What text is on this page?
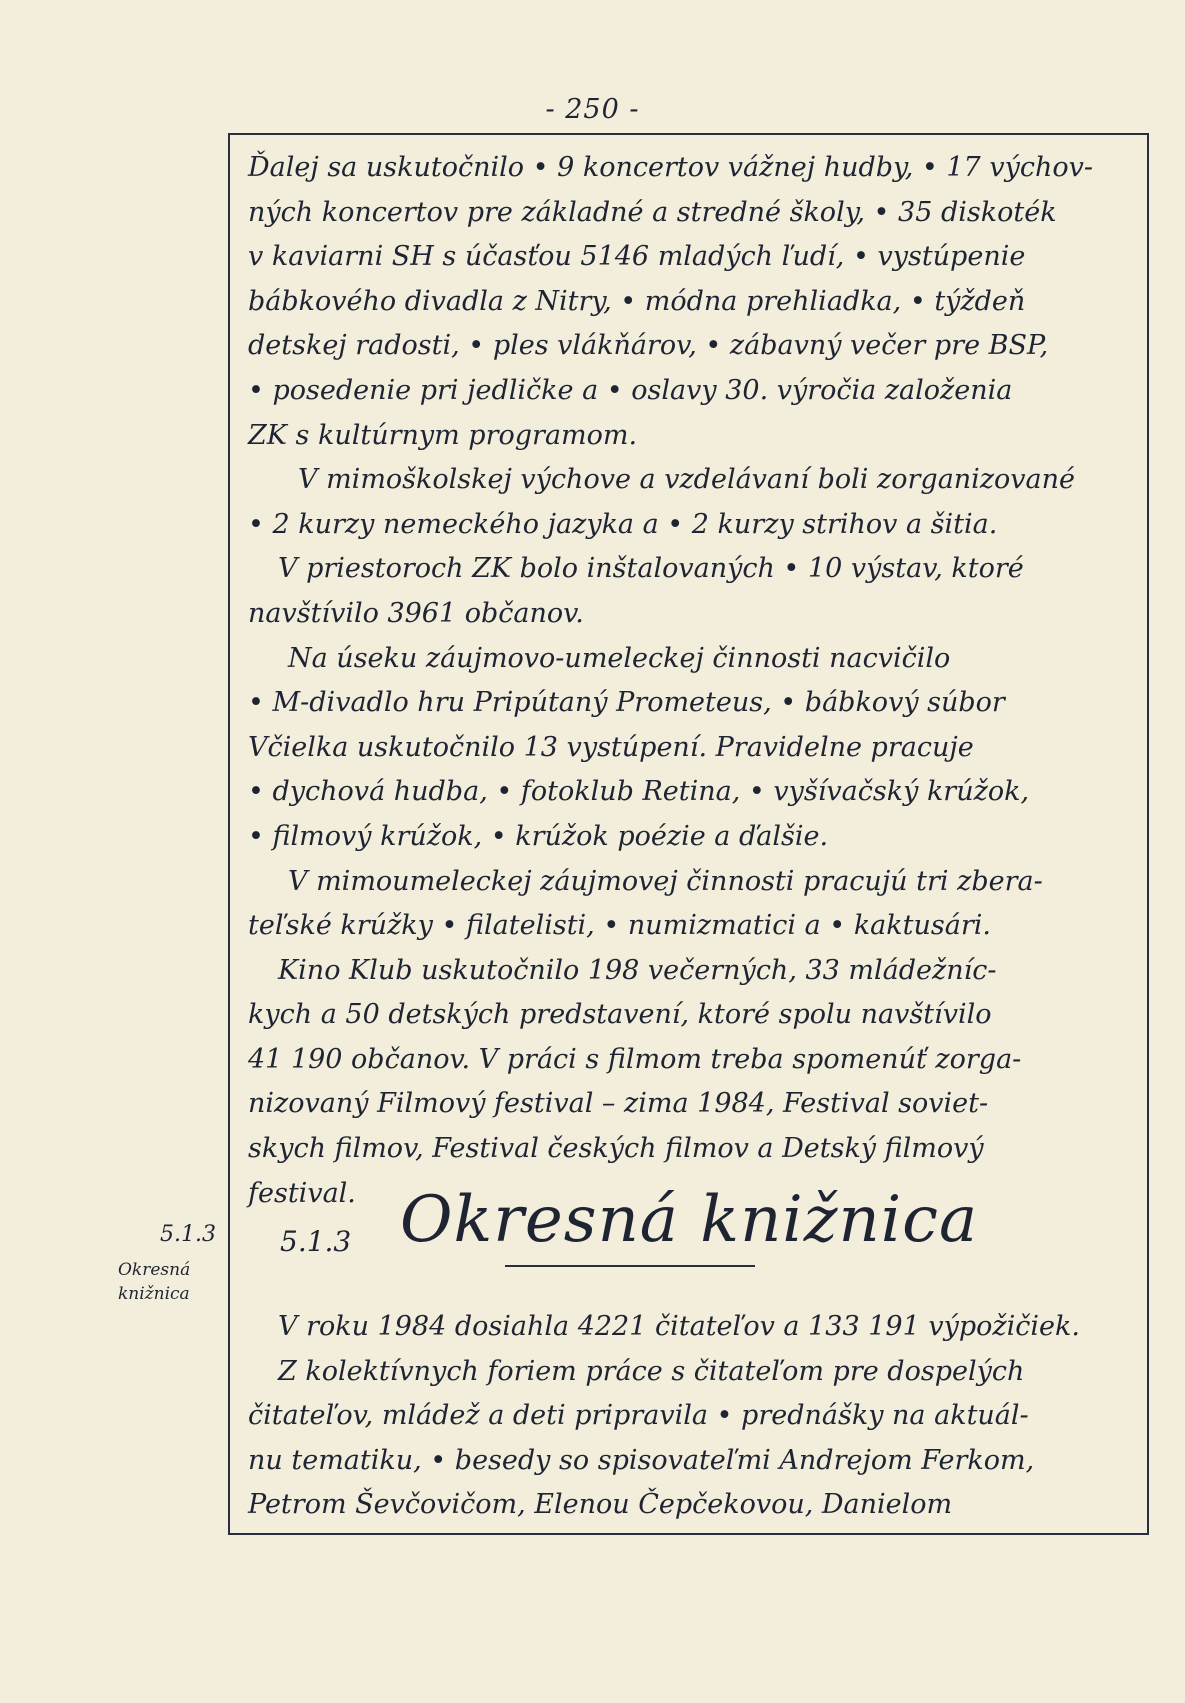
- 250 -
Ďalej sa uskutočnilo • 9 koncertov vážnej hudby, • 17 výchov-
ných koncertov pre základné a stredné školy, • 35 diskoték
v kaviarni SH s účasťou 5146 mladých ľudí, • vystúpenie
bábkového divadla z Nitry, • módna prehliadka, • týždeň
detskej radosti, • ples vlákňárov, • zábavný večer pre BSP,
• posedenie pri jedličke a • oslavy 30. výročia založenia
ZK s kultúrnym programom.
V mimoškolskej výchove a vzdelávaní boli zorganizované
• 2 kurzy nemeckého jazyka a • 2 kurzy strihov a šitia.
V priestoroch ZK bolo inštalovaných • 10 výstav, ktoré
navštívilo 3961 občanov.
Na úseku záujmovo-umeleckej činnosti nacvičilo
• M-divadlo hru Pripútaný Prometeus, • bábkový súbor
Včielka uskutočnilo 13 vystúpení. Pravidelne pracuje
• dychová hudba, • fotoklub Retina, • vyšívačský krúžok,
• filmový krúžok, • krúžok poézie a ďalšie.
V mimoumeleckej záujmovej činnosti pracujú tri zbera-
teľské krúžky • filatelisti, • numizmatici a • kaktusári.
Kino Klub uskutočnilo 198 večerných, 33 mládežníc-
kych a 50 detských predstavení, ktoré spolu navštívilo
41 190 občanov. V práci s filmom treba spomenúť zorga-
nizovaný Filmový festival – zima 1984, Festival soviet-
skych filmov, Festival českých filmov a Detský filmový
festival.
5.1.3
Okresná
knižnica
5.1.3 Okresná knižnica
V roku 1984 dosiahla 4221 čitateľov a 133 191 výpožičiek.
Z kolektívnych foriem práce s čitateľom pre dospelých
čitateľov, mládež a deti pripravila • prednášky na aktuál-
nu tematiku, • besedy so spisovateľmi Andrejom Ferkom,
Petrom Ševčovičom, Elenou Čepčekovou, Danielom
